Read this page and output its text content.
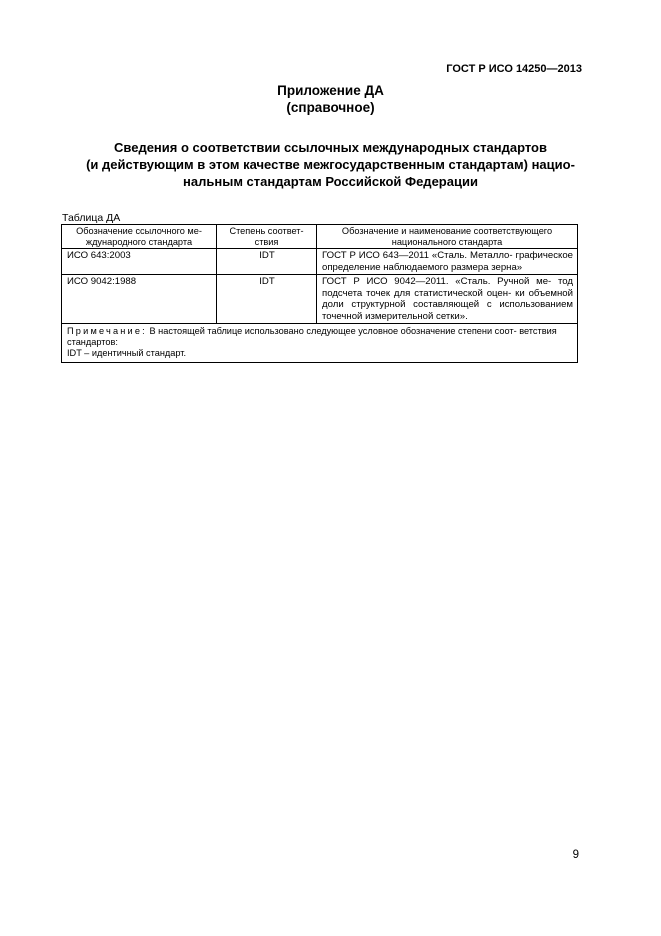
ГОСТ Р ИСО 14250—2013
Приложение ДА
(справочное)
Сведения о соответствии ссылочных международных стандартов
(и действующим в этом качестве межгосударственным стандартам) нацио-
нальным стандартам Российской Федерации
Таблица ДА
Обозначение ссылочного ме- ждународного стандарта	Степень соответ- ствия	Обозначение и наименование соответствующего национального стандарта
ИСО 643:2003	IDT	ГОСТ Р ИСО 643—2011 «Сталь. Металло- графическое определение наблюдаемого размера зерна»
ИСО 9042:1988	IDT	ГОСТ Р ИСО 9042—2011. «Сталь. Ручной ме- тод подсчета точек для статистической оцен- ки объемной доли структурной составляющей с использованием точечной измерительной сетки».
Примечание: В настоящей таблице использовано следующее условное обозначение степени соот- ветствия стандартов:
IDT – идентичный стандарт.		
9
